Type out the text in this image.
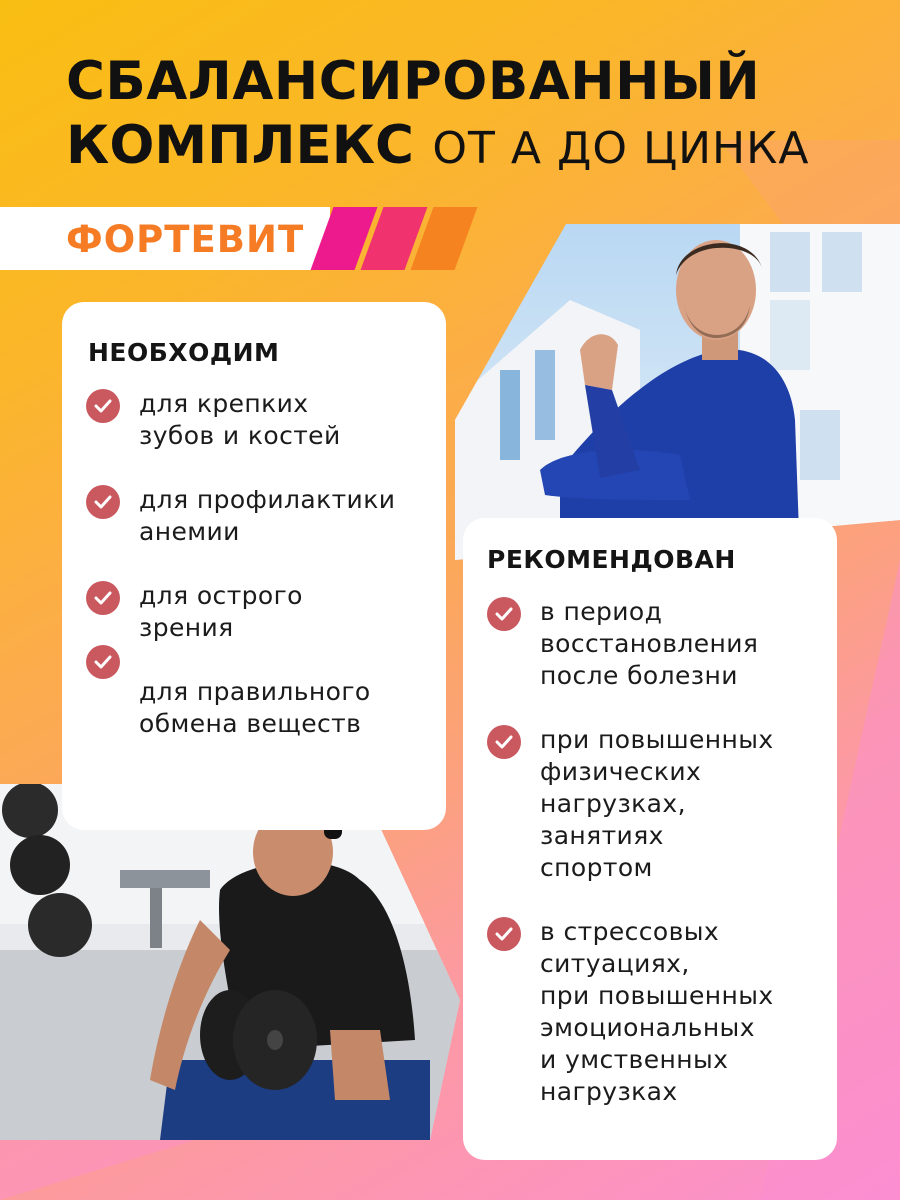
СБАЛАНСИРОВАННЫЙ
КОМПЛЕКС ОТ А ДО ЦИНКА
ФОРТЕВИТ
НЕОБХОДИМ
для крепких
зубов и костей
для профилактики
анемии
для острого
зрения
для правильного
обмена веществ
РЕКОМЕНДОВАН
в период
восстановления
после болезни
при повышенных
физических
нагрузках,
занятиях
спортом
в стрессовых
ситуациях,
при повышенных
эмоциональных
и умственных
нагрузках
